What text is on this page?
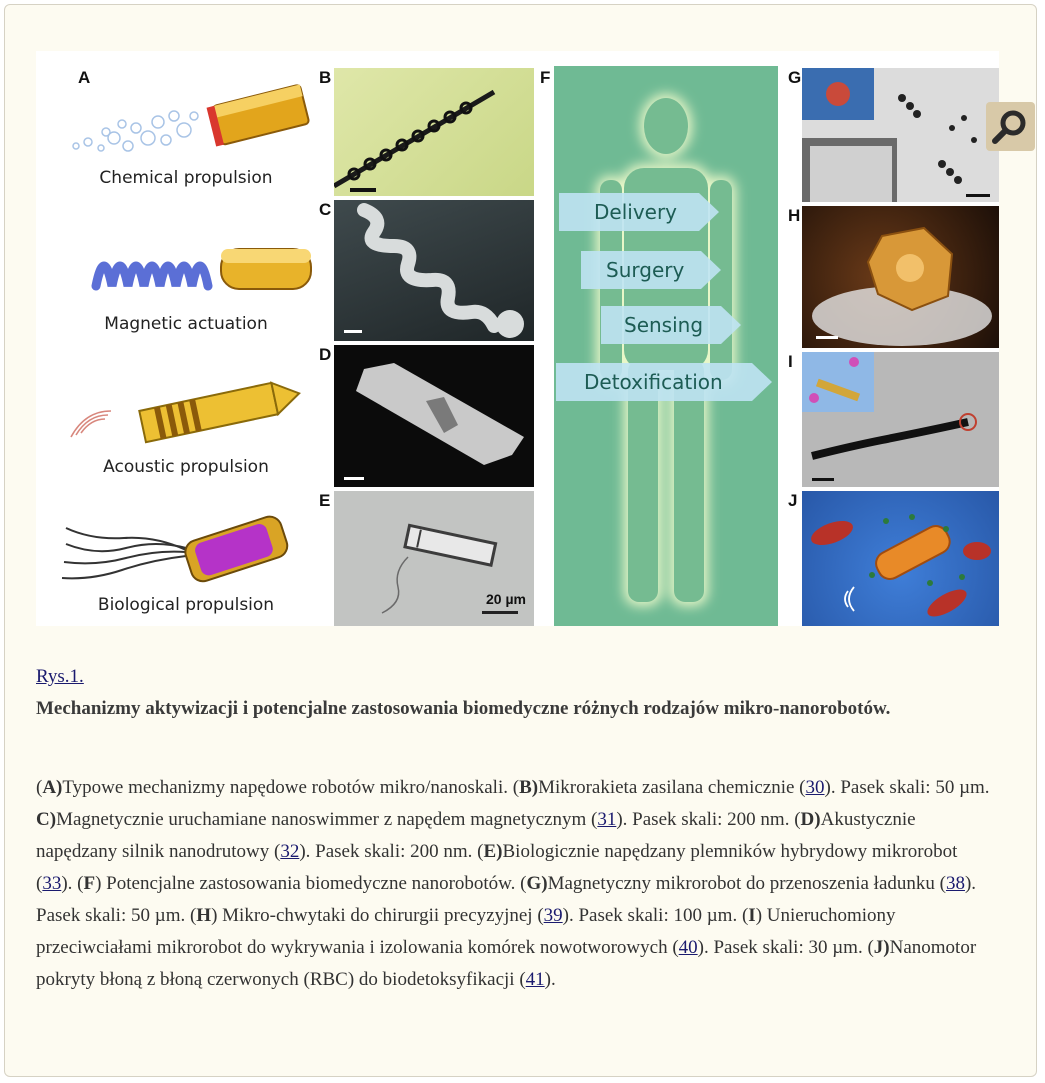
Chemical propulsion
Magnetic actuation
Acoustic propulsion
Biological propulsion
A	B
C
D
20 µm
E
F
Delivery
Surgery
Sensing
Detoxification
G
H
I
J
Rys.1.
Mechanizmy aktywizacji i potencjalne zastosowania biomedyczne różnych rodzajów mikro-nanorobotów.
(A)Typowe mechanizmy napędowe robotów mikro/nanoskali. (B)Mikrorakieta zasilana chemicznie (30). Pasek skali: 50 µm. C)Magnetycznie uruchamiane nanoswimmer z napędem magnetycznym (31). Pasek skali: 200 nm. (D)Akustycznie napędzany silnik nanodrutowy (32). Pasek skali: 200 nm. (E)Biologicznie napędzany plemników hybrydowy mikrorobot (33). (F) Potencjalne zastosowania biomedyczne nanorobotów. (G)Magnetyczny mikrorobot do przenoszenia ładunku (38). Pasek skali: 50 µm. (H) Mikro-chwytaki do chirurgii precyzyjnej (39). Pasek skali: 100 µm. (I) Unieruchomiony przeciwciałami mikrorobot do wykrywania i izolowania komórek nowotworowych (40). Pasek skali: 30 µm. (J)Nanomotor pokryty błoną z błoną czerwonych (RBC) do biodetoksyfikacji (41).
